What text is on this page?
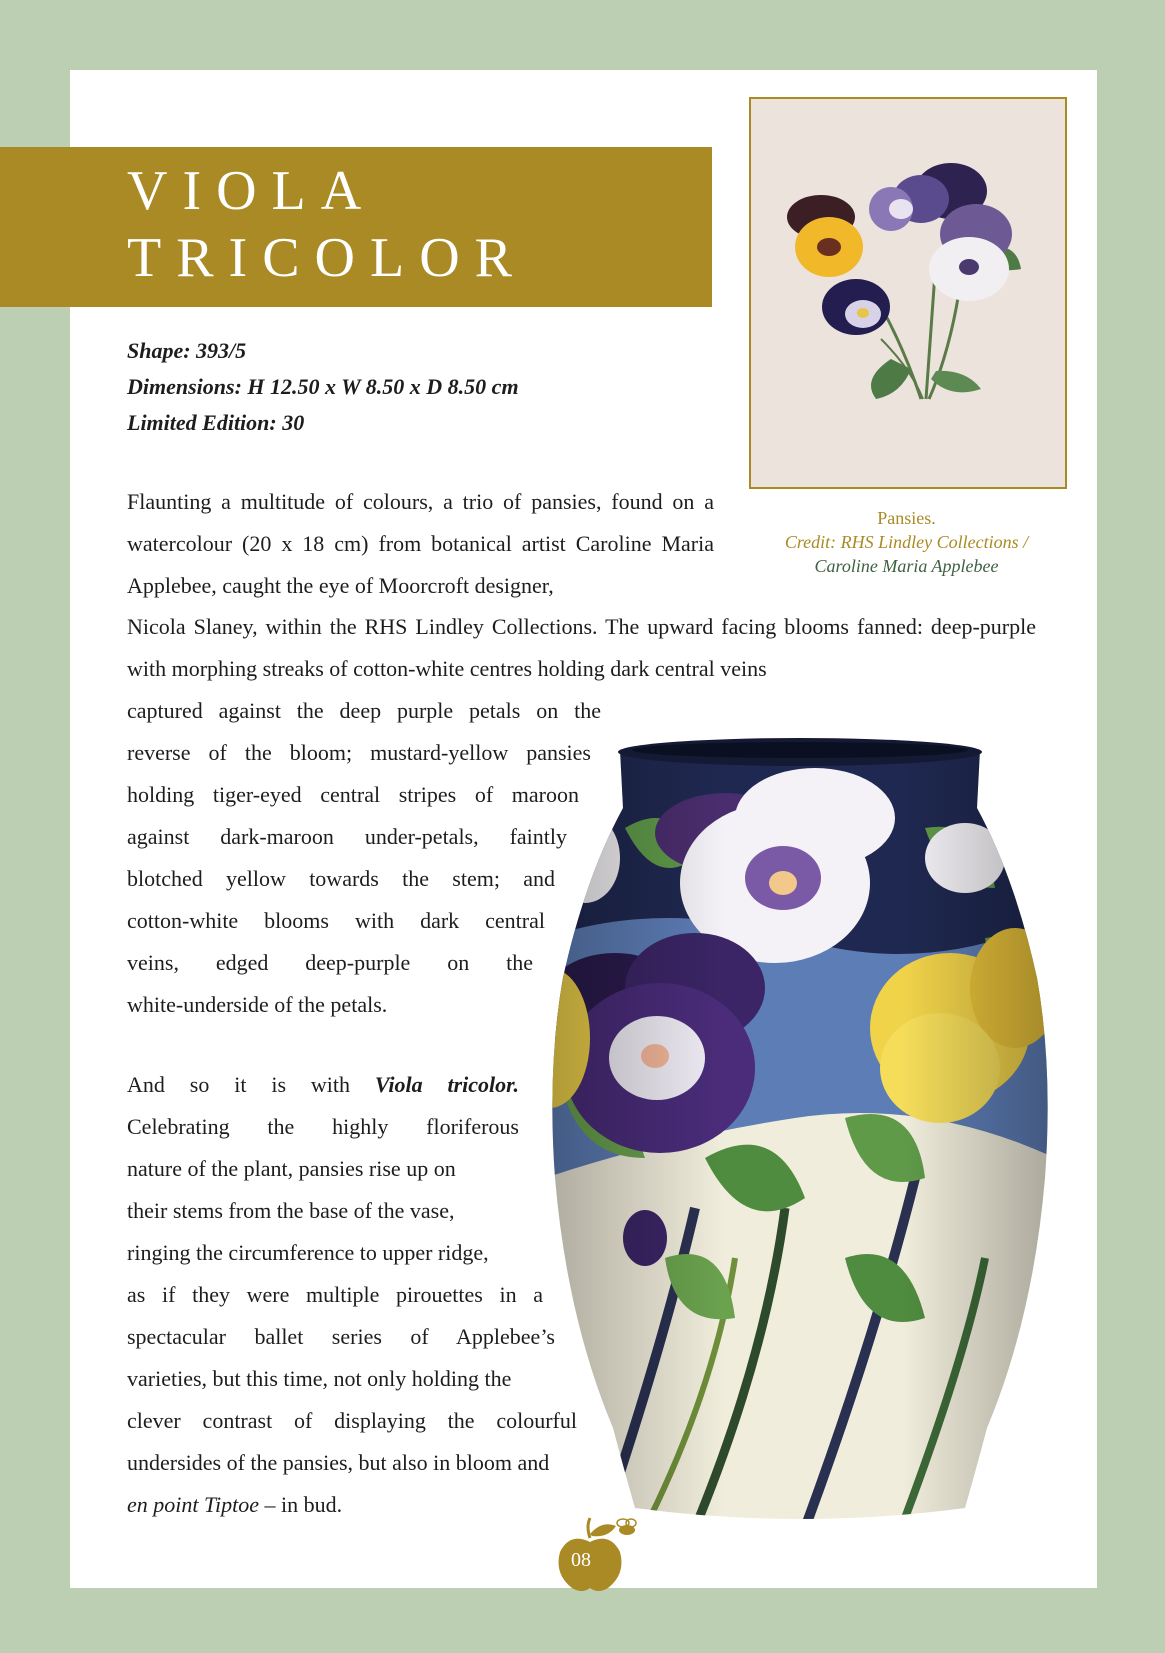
VIOLA
TRICOLOR
Pansies.
Credit: RHS Lindley Collections /
Caroline Maria Applebee
Shape: 393/5
Dimensions: H 12.50 x W 8.50 x D 8.50 cm
Limited Edition: 30
Flaunting a multitude of colours, a trio of pansies, found on a watercolour (20 x 18 cm) from botanical artist Caroline Maria Applebee, caught the eye of Moorcroft designer,
Nicola Slaney, within the RHS Lindley Collections. The upward facing blooms fanned: deep-purple with morphing streaks of cotton-white centres holding dark central veins
captured against the deep purple petals on the
reverse of the bloom; mustard-yellow pansies
holding tiger-eyed central stripes of maroon
against dark-maroon under-petals, faintly
blotched yellow towards the stem; and
cotton-white blooms with dark central
veins, edged deep-purple on the
white-underside of the petals.
And so it is with Viola tricolor.
Celebrating the highly floriferous
nature of the plant, pansies rise up on
their stems from the base of the vase,
ringing the circumference to upper ridge,
as if they were multiple pirouettes in a
spectacular ballet series of Applebee’s
varieties, but this time, not only holding the
clever contrast of displaying the colourful
undersides of the pansies, but also in bloom and
en point Tiptoe – in bud.
08
